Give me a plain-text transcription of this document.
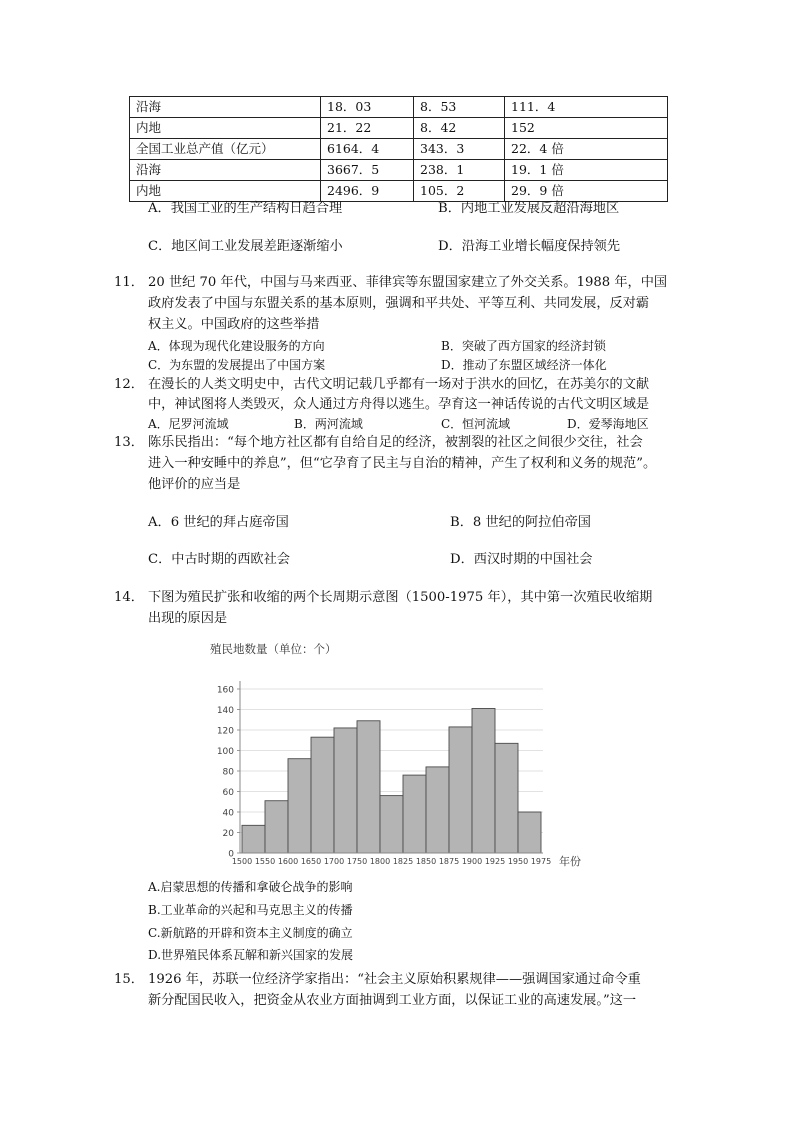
沿海	18．03	8．53	111．4
内地	21．22	8．42	152
全国工业总产值（亿元）	6164．4	343．3	22．4 倍
沿海	3667．5	238．1	19．1 倍
内地	2496．9	105．2	29．9 倍
A．我国工业的生产结构日趋合理	B．内地工业发展反超沿海地区
C．地区间工业发展差距逐渐缩小	D．沿海工业增长幅度保持领先
11． 20 世纪 70 年代，中国与马来西亚、菲律宾等东盟国家建立了外交关系。1988 年，中国
政府发表了中国与东盟关系的基本原则，强调和平共处、平等互利、共同发展，反对霸
权主义。中国政府的这些举措
A．体现为现代化建设服务的方向	B．突破了西方国家的经济封锁
C．为东盟的发展提出了中国方案	D．推动了东盟区域经济一体化
12． 在漫长的人类文明史中，古代文明记载几乎都有一场对于洪水的回忆，在苏美尔的文献
中，神试图将人类毁灭，众人通过方舟得以逃生。孕育这一神话传说的古代文明区域是
A．尼罗河流域	B．两河流域	C．恒河流域	D．爱琴海地区
13． 陈乐民指出：“每个地方社区都有自给自足的经济，被割裂的社区之间很少交往，社会
进入一种安睡中的养息”，但“它孕育了民主与自治的精神，产生了权利和义务的规范”。
他评价的应当是
A．6 世纪的拜占庭帝国	B．8 世纪的阿拉伯帝国
C．中古时期的西欧社会	D．西汉时期的中国社会
14． 下图为殖民扩张和收缩的两个长周期示意图（1500-1975 年），其中第一次殖民收缩期
出现的原因是
殖民地数量（单位：个）
0
20
40
60
80
100
120
140
160
1500 1550 1600 1650 1700 1750 1800 1825 1850 1875 1900 1925 1950 1975 年份
A.启蒙思想的传播和拿破仑战争的影响
B.工业革命的兴起和马克思主义的传播
C.新航路的开辟和资本主义制度的确立
D.世界殖民体系瓦解和新兴国家的发展
15． 1926 年，苏联一位经济学家指出：“社会主义原始积累规律——强调国家通过命令重
新分配国民收入，把资金从农业方面抽调到工业方面，以保证工业的高速发展。”这一
